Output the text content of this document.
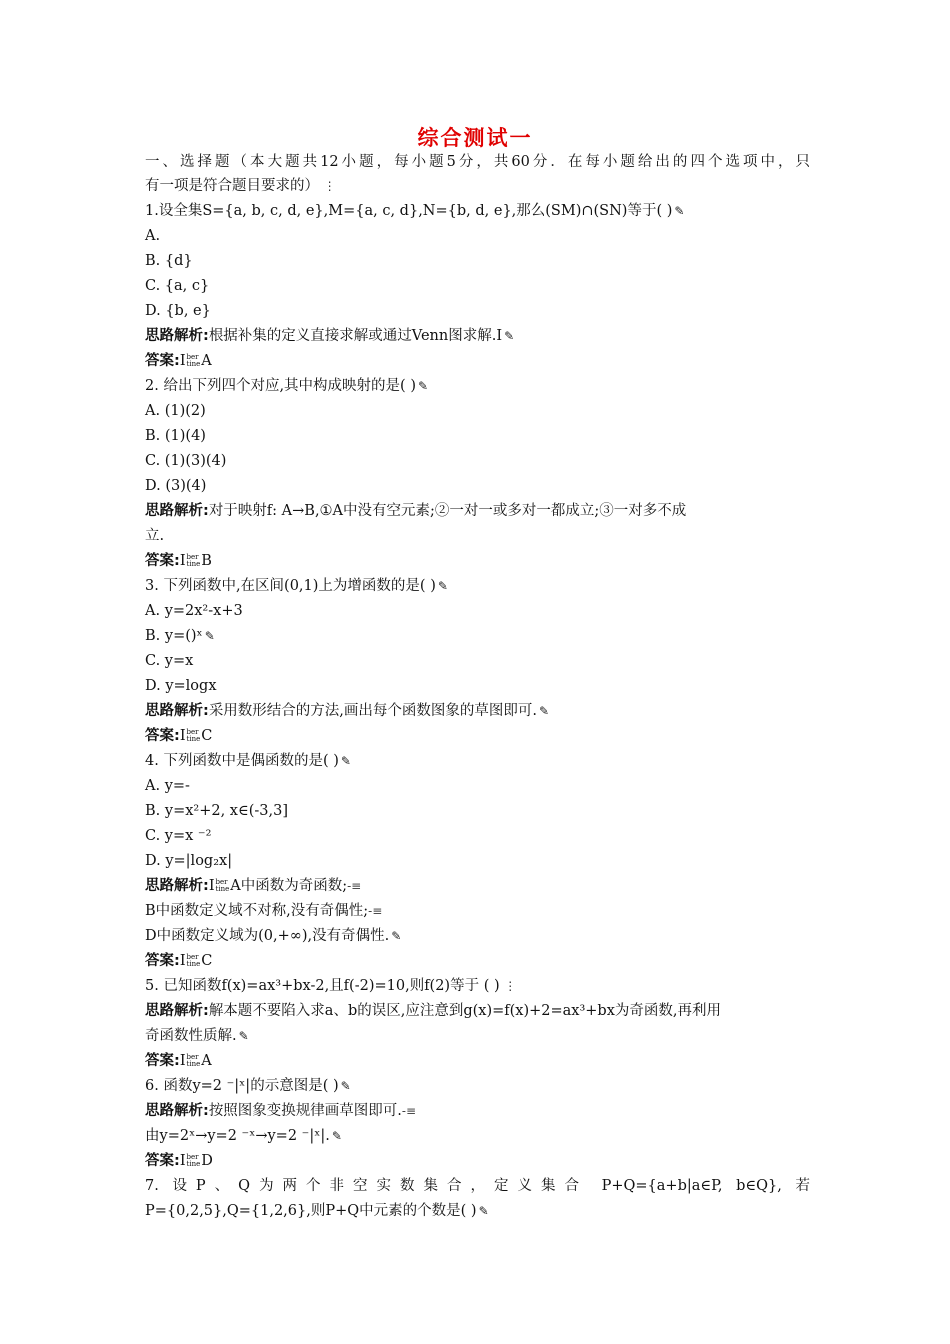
综合测试一
一、选择题（本大题共12小题，每小题5分，共60分．在每小题给出的四个选项中，只
有一项是符合题目要求的） ⋮
1.设全集S={a, b, c, d, e},M={a, c, d},N={b, d, e},那么(SM)∩(SN)等于( ) ✎
A.
B. {d}
C. {a, c}
D. {b, e}
思路解析:根据补集的定义直接求解或通过Venn图求解.I ✎
答案:Iber
tineA
2. 给出下列四个对应,其中构成映射的是( ) ✎
A. (1)(2)
B. (1)(4)
C. (1)(3)(4)
D. (3)(4)
思路解析:对于映射f: A→B,①A中没有空元素;②一对一或多对一都成立;③一对多不成
立.
答案:Iber
tineB
3. 下列函数中,在区间(0,1)上为增函数的是( ) ✎
A. y=2x²-x+3
B. y=()ˣ ✎
C. y=x
D. y=logx
思路解析:采用数形结合的方法,画出每个函数图象的草图即可. ✎
答案:Iber
tineC
4. 下列函数中是偶函数的是( ) ✎
A. y=-
B. y=x²+2, x∈(-3,3]
C. y=x ⁻²
D. y=|log₂x|
思路解析:Iber
tineA中函数为奇函数;-≡
B中函数定义域不对称,没有奇偶性;-≡
D中函数定义域为(0,+∞),没有奇偶性. ✎
答案:Iber
tineC
5. 已知函数f(x)=ax³+bx-2,且f(-2)=10,则f(2)等于 ( ) ⋮
思路解析:解本题不要陷入求a、b的误区,应注意到g(x)=f(x)+2=ax³+bx为奇函数,再利用
奇函数性质解. ✎
答案:Iber
tineA
6. 函数y=2 ⁻|ˣ|的示意图是( ) ✎
思路解析:按照图象变换规律画草图即可.-≡
由y=2ˣ→y=2 ⁻ˣ→y=2 ⁻|ˣ|. ✎
答案:Iber
tineD
7. 设P、Q为两个非空实数集合，定义集合 P+Q={a+b|a∈P, b∈Q}, 若
P={0,2,5},Q={1,2,6},则P+Q中元素的个数是( ) ✎
